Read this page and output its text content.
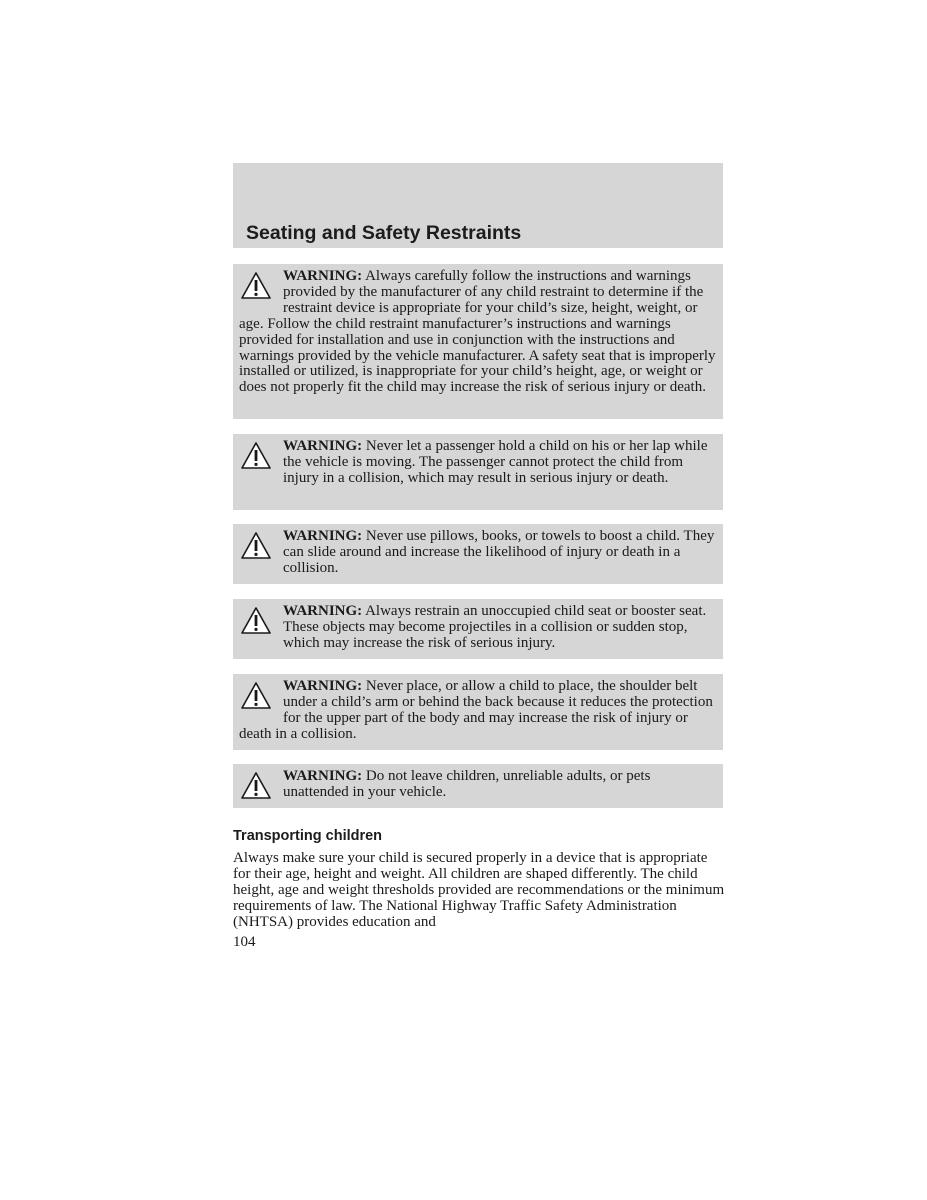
Seating and Safety Restraints

WARNING: Always carefully follow the instructions and warnings provided by the manufacturer of any child restraint to determine if the restraint device is appropriate for your child’s size, height, weight, or age. Follow the child restraint manufacturer’s instructions and warnings provided for installation and use in conjunction with the instructions and warnings provided by the vehicle manufacturer. A safety seat that is improperly installed or utilized, is inappropriate for your child’s height, age, or weight or does not properly fit the child may increase the risk of serious injury or death.

WARNING: Never let a passenger hold a child on his or her lap while the vehicle is moving. The passenger cannot protect the child from injury in a collision, which may result in serious injury or death.

WARNING: Never use pillows, books, or towels to boost a child. They can slide around and increase the likelihood of injury or death in a collision.

WARNING: Always restrain an unoccupied child seat or booster seat. These objects may become projectiles in a collision or sudden stop, which may increase the risk of serious injury.

WARNING: Never place, or allow a child to place, the shoulder belt under a child’s arm or behind the back because it reduces the protection for the upper part of the body and may increase the risk of injury or death in a collision.

WARNING: Do not leave children, unreliable adults, or pets unattended in your vehicle.

Transporting children

Always make sure your child is secured properly in a device that is appropriate for their age, height and weight. All children are shaped differently. The child height, age and weight thresholds provided are recommendations or the minimum requirements of law. The National Highway Traffic Safety Administration (NHTSA) provides education and

104
